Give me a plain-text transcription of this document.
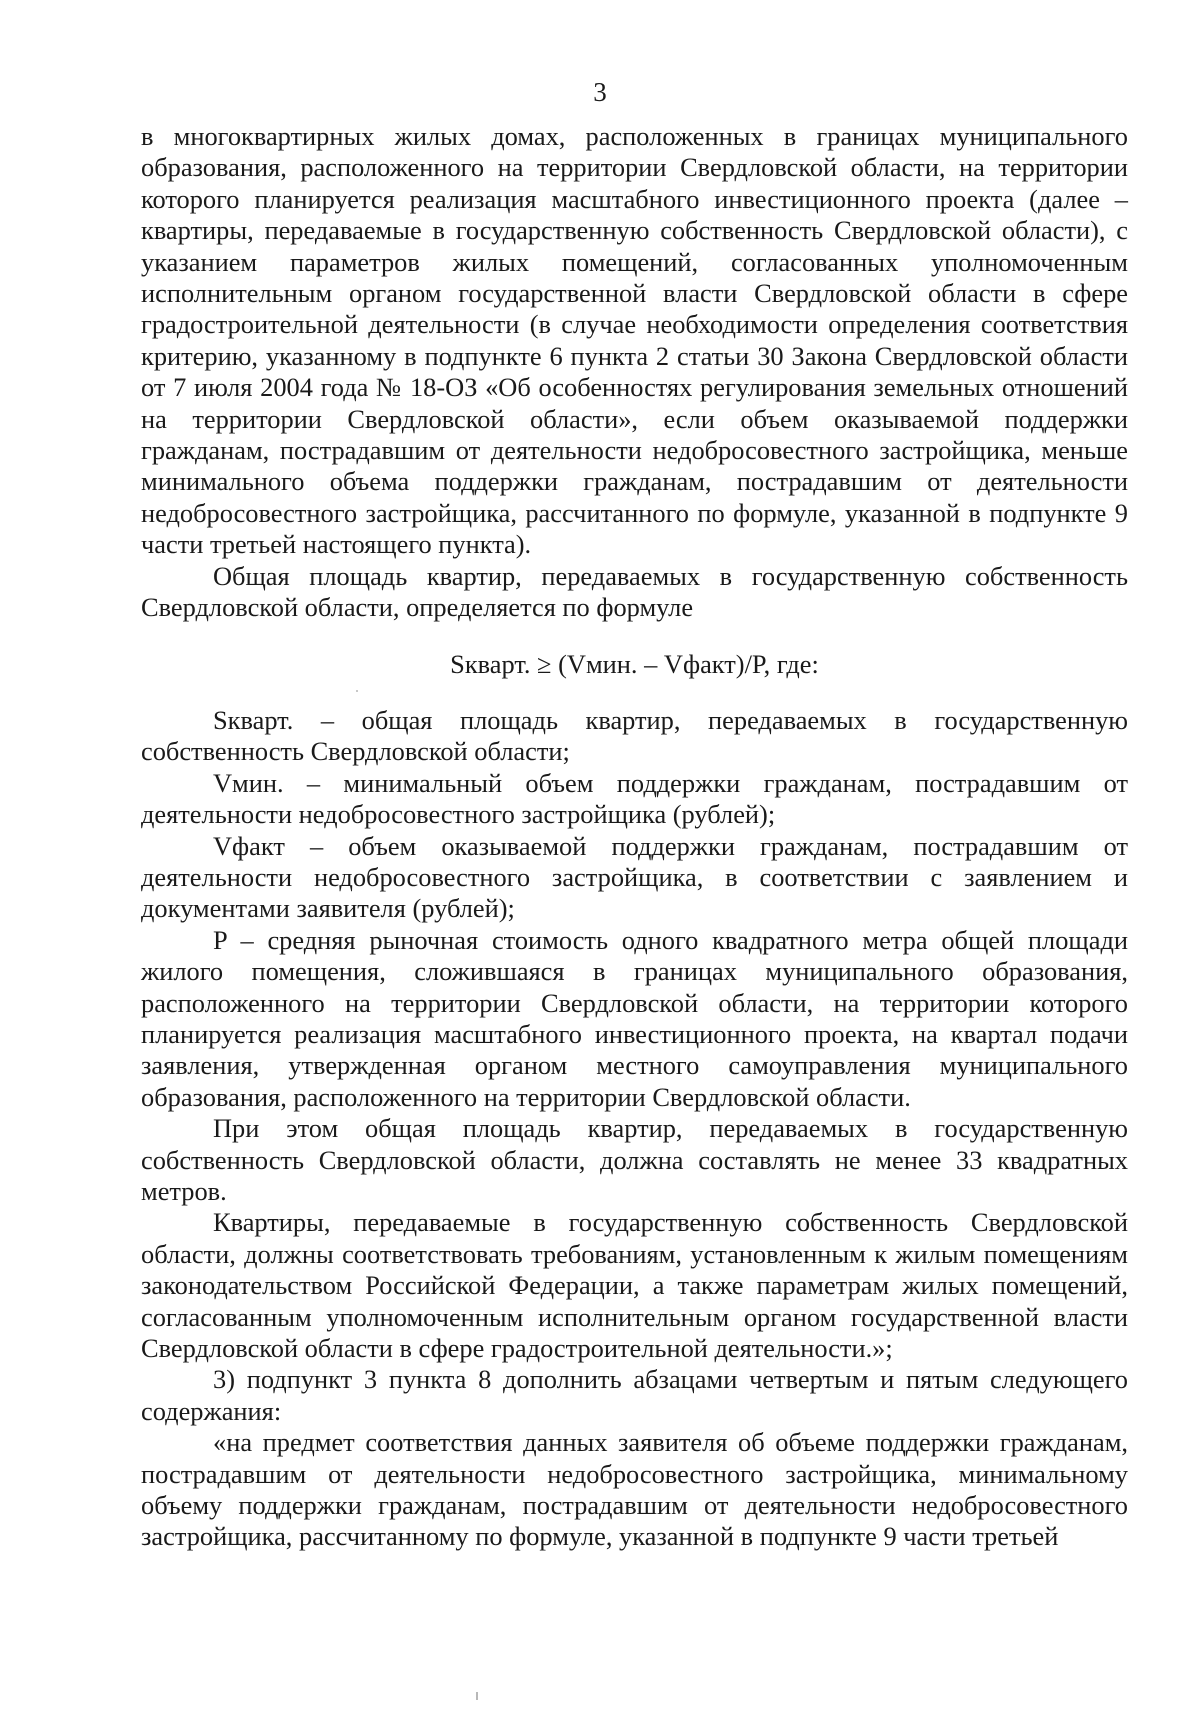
3

в многоквартирных жилых домах, расположенных в границах муниципального образования, расположенного на территории Свердловской области, на территории которого планируется реализация масштабного инвестиционного проекта (далее – квартиры, передаваемые в государственную собственность Свердловской области), с указанием параметров жилых помещений, согласованных уполномоченным исполнительным органом государственной власти Свердловской области в сфере градостроительной деятельности (в случае необходимости определения соответствия критерию, указанному в подпункте 6 пункта 2 статьи 30 Закона Свердловской области от 7 июля 2004 года № 18-ОЗ «Об особенностях регулирования земельных отношений на территории Свердловской области», если объем оказываемой поддержки гражданам, пострадавшим от деятельности недобросовестного застройщика, меньше минимального объема поддержки гражданам, пострадавшим от деятельности недобросовестного застройщика, рассчитанного по формуле, указанной в подпункте 9 части третьей настоящего пункта).

Общая площадь квартир, передаваемых в государственную собственность Свердловской области, определяется по формуле

Sкварт. ≥ (Vмин. – Vфакт)/P, где:

Sкварт. – общая площадь квартир, передаваемых в государственную собственность Свердловской области;

Vмин. – минимальный объем поддержки гражданам, пострадавшим от деятельности недобросовестного застройщика (рублей);

Vфакт – объем оказываемой поддержки гражданам, пострадавшим от деятельности недобросовестного застройщика, в соответствии с заявлением и документами заявителя (рублей);

P – средняя рыночная стоимость одного квадратного метра общей площади жилого помещения, сложившаяся в границах муниципального образования, расположенного на территории Свердловской области, на территории которого планируется реализация масштабного инвестиционного проекта, на квартал подачи заявления, утвержденная органом местного самоуправления муниципального образования, расположенного на территории Свердловской области.

При этом общая площадь квартир, передаваемых в государственную собственность Свердловской области, должна составлять не менее 33 квадратных метров.

Квартиры, передаваемые в государственную собственность Свердловской области, должны соответствовать требованиям, установленным к жилым помещениям законодательством Российской Федерации, а также параметрам жилых помещений, согласованным уполномоченным исполнительным органом государственной власти Свердловской области в сфере градостроительной деятельности.»;

3) подпункт 3 пункта 8 дополнить абзацами четвертым и пятым следующего содержания:

«на предмет соответствия данных заявителя об объеме поддержки гражданам, пострадавшим от деятельности недобросовестного застройщика, минимальному объему поддержки гражданам, пострадавшим от деятельности недобросовестного застройщика, рассчитанному по формуле, указанной в подпункте 9 части третьей
